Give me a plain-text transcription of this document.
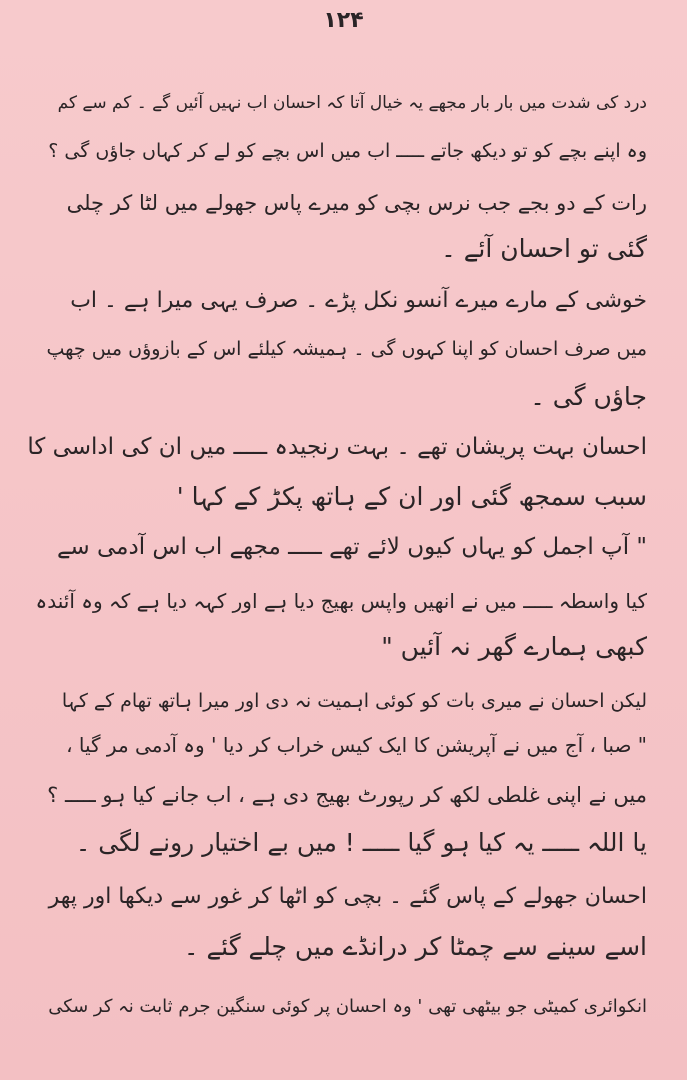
۱۲۴
درد کی شدت میں بار بار مجھے یہ خیال آتا کہ احسان اب نہیں آئیں گے ۔ کم سے کم
وہ اپنے بچے کو تو دیکھ جاتے ـــــ اب میں اس بچے کو لے کر کہاں جاؤں گی ؟
رات کے دو بجے جب نرس بچی کو میرے پاس جھولے میں لٹا کر چلی
گئی تو احسان آئے ۔
خوشی کے مارے میرے آنسو نکل پڑے ۔ صرف یہی میرا ہے ۔ اب
میں صرف احسان کو اپنا کہوں گی ۔ ہمیشہ کیلئے اس کے بازوؤں میں چھپ
جاؤں گی ۔
احسان بہت پریشان تھے ۔ بہت رنجیدہ ـــــ میں ان کی اداسی کا
سبب سمجھ گئی اور ان کے ہاتھ پکڑ کے کہا '
" آپ اجمل کو یہاں کیوں لائے تھے ـــــ مجھے اب اس آدمی سے
کیا واسطہ ـــــ میں نے انھیں واپس بھیج دیا ہے اور کہہ دیا ہے کہ وہ آئندہ
کبھی ہمارے گھر نہ آئیں "
لیکن احسان نے میری بات کو کوئی اہمیت نہ دی اور میرا ہاتھ تھام کے کہا
" صبا ، آج میں نے آپریشن کا ایک کیس خراب کر دیا ' وہ آدمی مر گیا ،
میں نے اپنی غلطی لکھ کر رپورٹ بھیج دی ہے ، اب جانے کیا ہو ـــــ ؟
یا اللہ ـــــ یہ کیا ہو گیا ـــــ ! میں بے اختیار رونے لگی ۔
احسان جھولے کے پاس گئے ۔ بچی کو اٹھا کر غور سے دیکھا اور پھر
اسے سینے سے چمٹا کر درانڈے میں چلے گئے ۔
انکوائری کمیٹی جو بیٹھی تھی ' وہ احسان پر کوئی سنگین جرم ثابت نہ کر سکی
